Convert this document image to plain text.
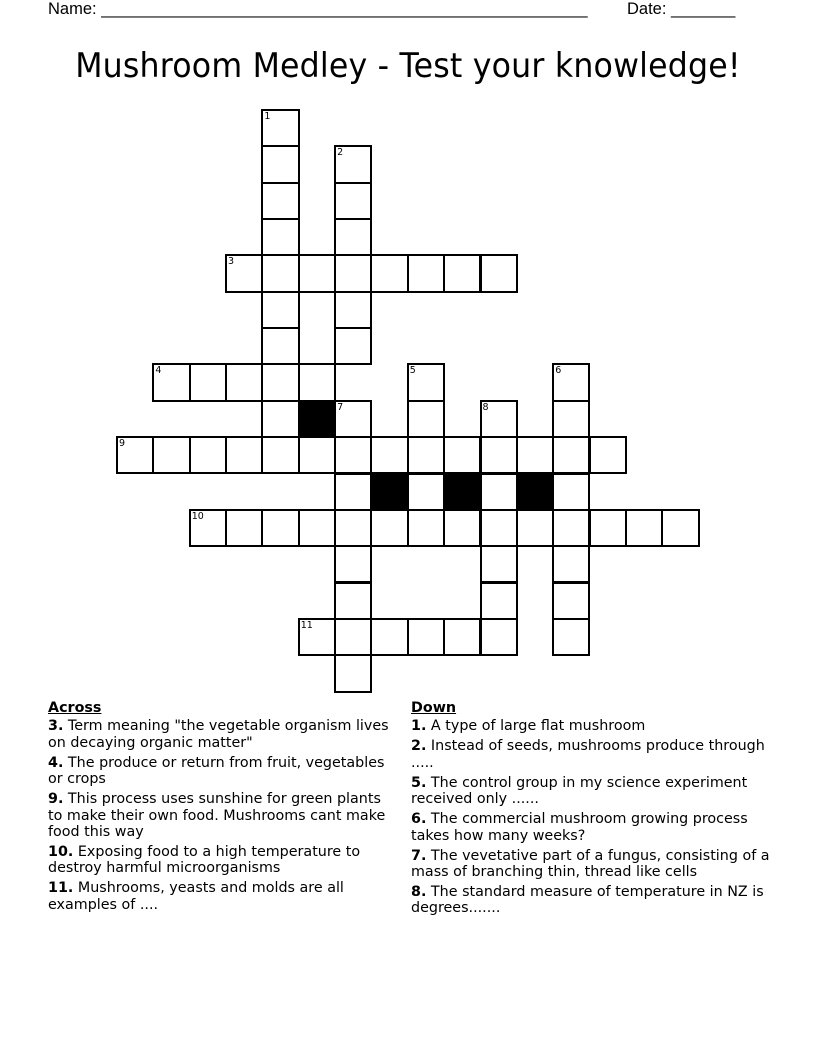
Name: _____________________________________________________ Date: _______
Mushroom Medley - Test your knowledge!
1
2
3
4	5	6
7	8
9
10
11
Across
3. Term meaning "the vegetable organism lives on decaying organic matter"
4. The produce or return from fruit, vegetables or crops
9. This process uses sunshine for green plants to make their own food. Mushrooms cant make food this way
10. Exposing food to a high temperature to destroy harmful microorganisms
11. Mushrooms, yeasts and molds are all examples of ....
Down
1. A type of large flat mushroom
2. Instead of seeds, mushrooms produce through .....
5. The control group in my science experiment received only ......
6. The commercial mushroom growing process takes how many weeks?
7. The vevetative part of a fungus, consisting of a mass of branching thin, thread like cells
8. The standard measure of temperature in NZ is degrees.......
